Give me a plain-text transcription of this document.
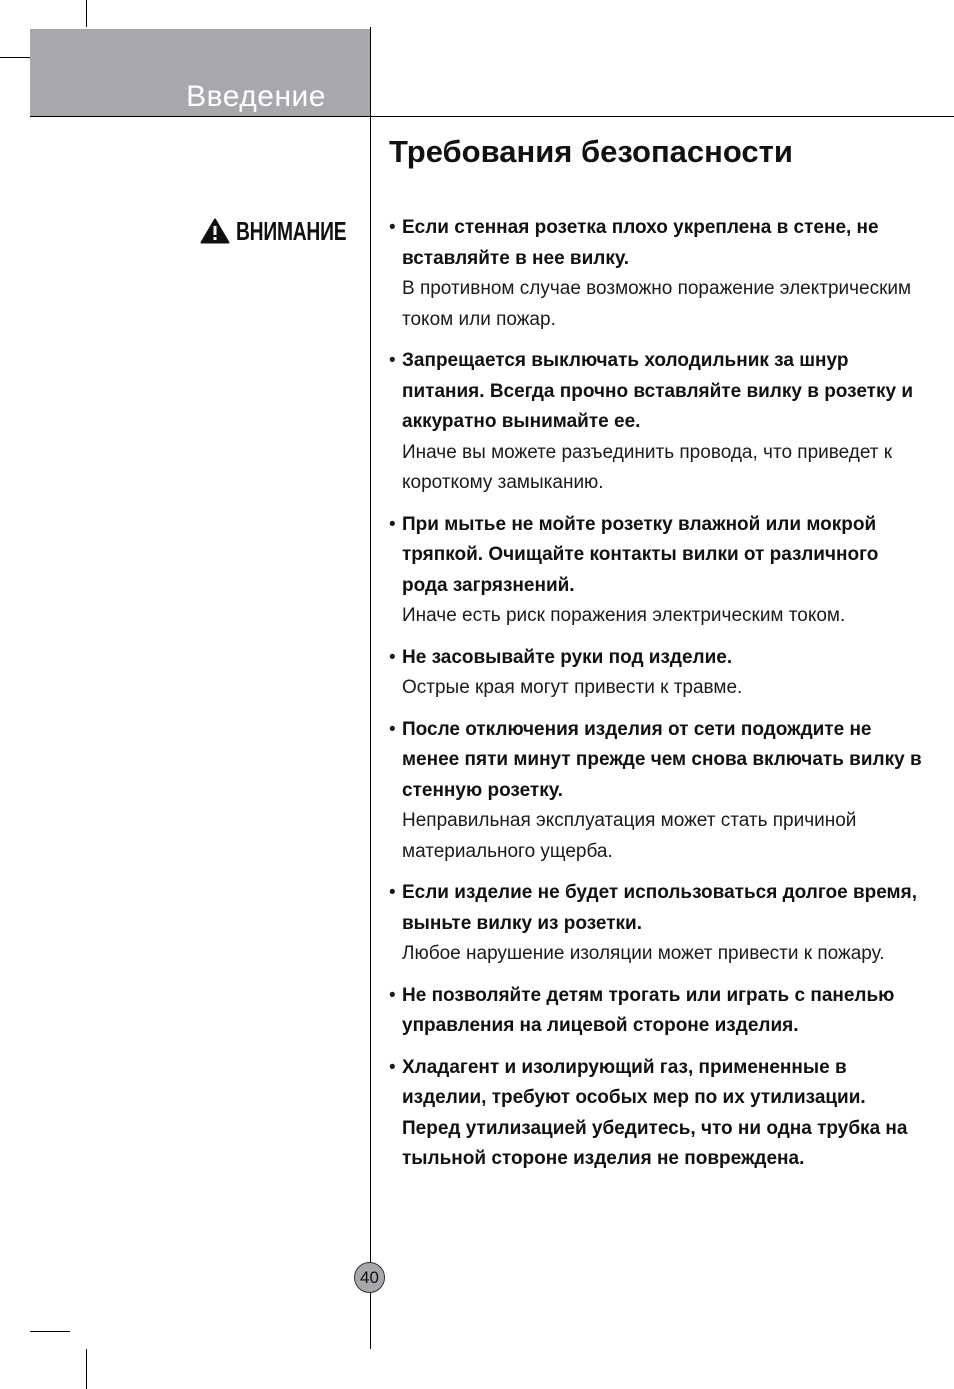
Введение
Требования безопасности
ВНИМАНИЕ • Если стенная розетка плохо укреплена в стене, не вставляйте в нее вилку.

В противном случае возможно поражение электрическим током или пожар.

• Запрещается выключать холодильник за шнур питания. Всегда прочно вставляйте вилку в розетку и аккуратно вынимайте ее.

Иначе вы можете разъединить провода, что приведет к короткому замыканию.

• При мытье не мойте розетку влажной или мокрой тряпкой. Очищайте контакты вилки от различного рода загрязнений.

Иначе есть риск поражения электрическим током.

• Не засовывайте руки под изделие.

Острые края могут привести к травме.

• После отключения изделия от сети подождите не менее пяти минут прежде чем снова включать вилку в стенную розетку.

Неправильная эксплуатация может стать причиной материального ущерба.

• Если изделие не будет использоваться долгое время, выньте вилку из розетки.

Любое нарушение изоляции может привести к пожару.

• Не позволяйте детям трогать или играть с панелью управления на лицевой стороне изделия.

• Хладагент и изолирующий газ, примененные в изделии, требуют особых мер по их утилизации. Перед утилизацией убедитесь, что ни одна трубка на тыльной стороне изделия не повреждена.

40
